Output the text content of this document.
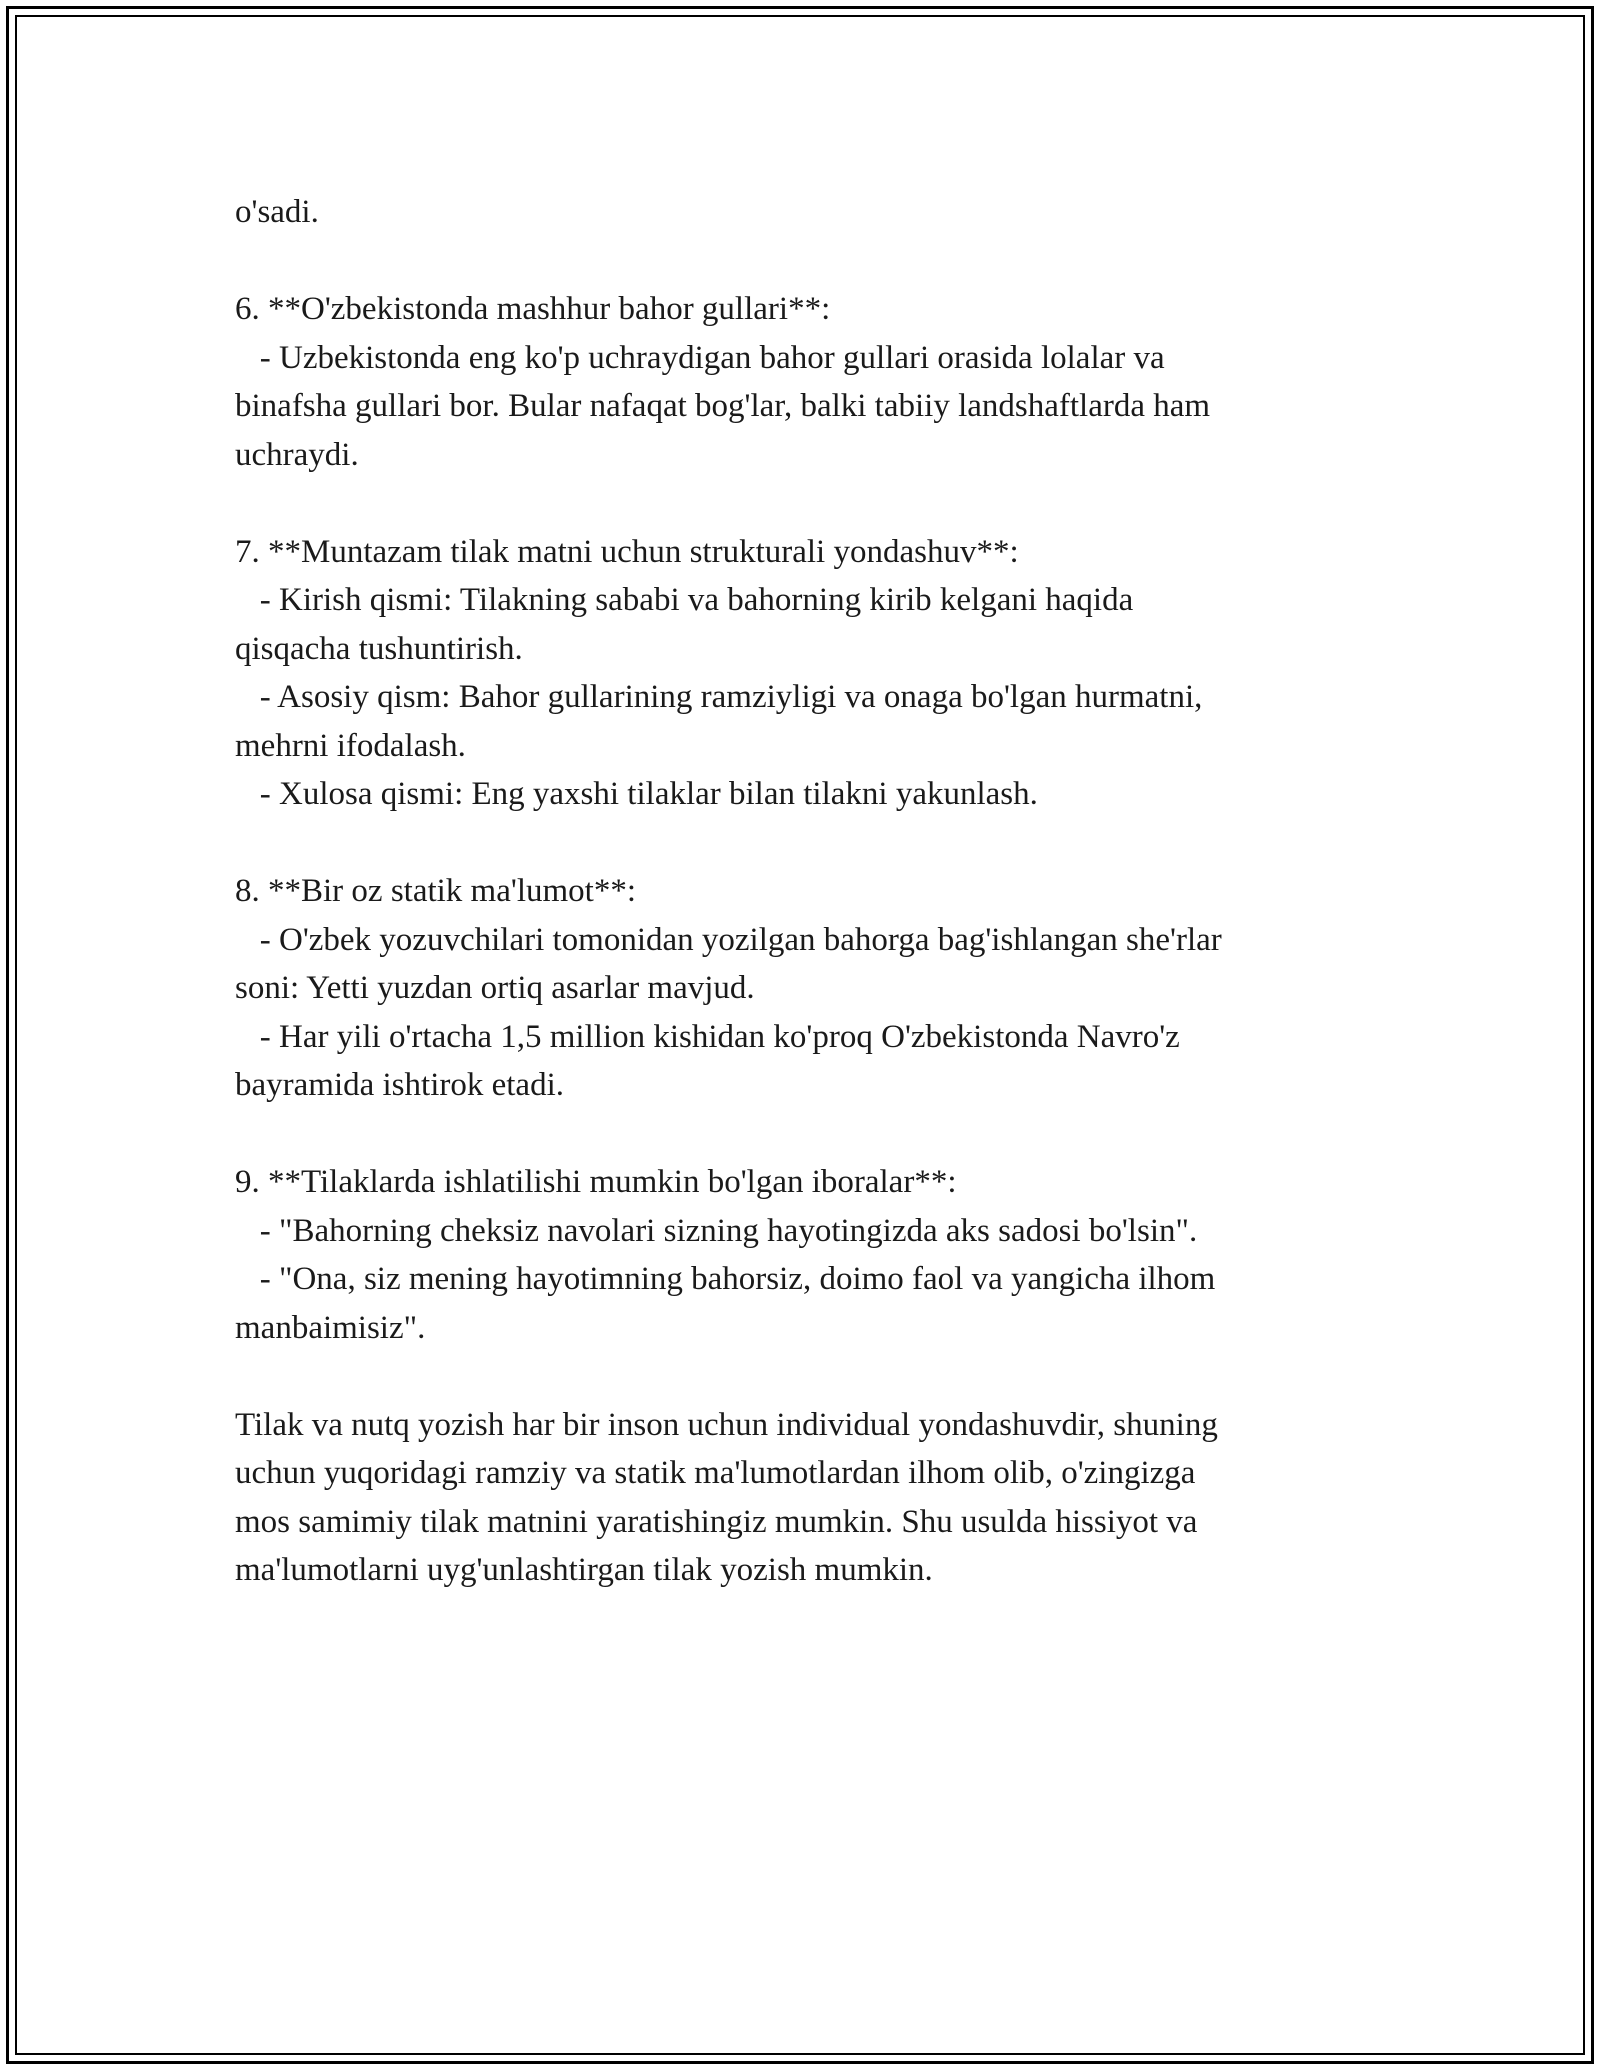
o'sadi.
6. **O'zbekistonda mashhur bahor gullari**:
- Uzbekistonda eng ko'p uchraydigan bahor gullari orasida lolalar va
binafsha gullari bor. Bular nafaqat bog'lar, balki tabiiy landshaftlarda ham
uchraydi.
7. **Muntazam tilak matni uchun strukturali yondashuv**:
- Kirish qismi: Tilakning sababi va bahorning kirib kelgani haqida
qisqacha tushuntirish.
- Asosiy qism: Bahor gullarining ramziyligi va onaga bo'lgan hurmatni,
mehrni ifodalash.
- Xulosa qismi: Eng yaxshi tilaklar bilan tilakni yakunlash.
8. **Bir oz statik ma'lumot**:
- O'zbek yozuvchilari tomonidan yozilgan bahorga bag'ishlangan she'rlar
soni: Yetti yuzdan ortiq asarlar mavjud.
- Har yili o'rtacha 1,5 million kishidan ko'proq O'zbekistonda Navro'z
bayramida ishtirok etadi.
9. **Tilaklarda ishlatilishi mumkin bo'lgan iboralar**:
- "Bahorning cheksiz navolari sizning hayotingizda aks sadosi bo'lsin".
- "Ona, siz mening hayotimning bahorsiz, doimo faol va yangicha ilhom
manbaimisiz".
Tilak va nutq yozish har bir inson uchun individual yondashuvdir, shuning
uchun yuqoridagi ramziy va statik ma'lumotlardan ilhom olib, o'zingizga
mos samimiy tilak matnini yaratishingiz mumkin. Shu usulda hissiyot va
ma'lumotlarni uyg'unlashtirgan tilak yozish mumkin.
